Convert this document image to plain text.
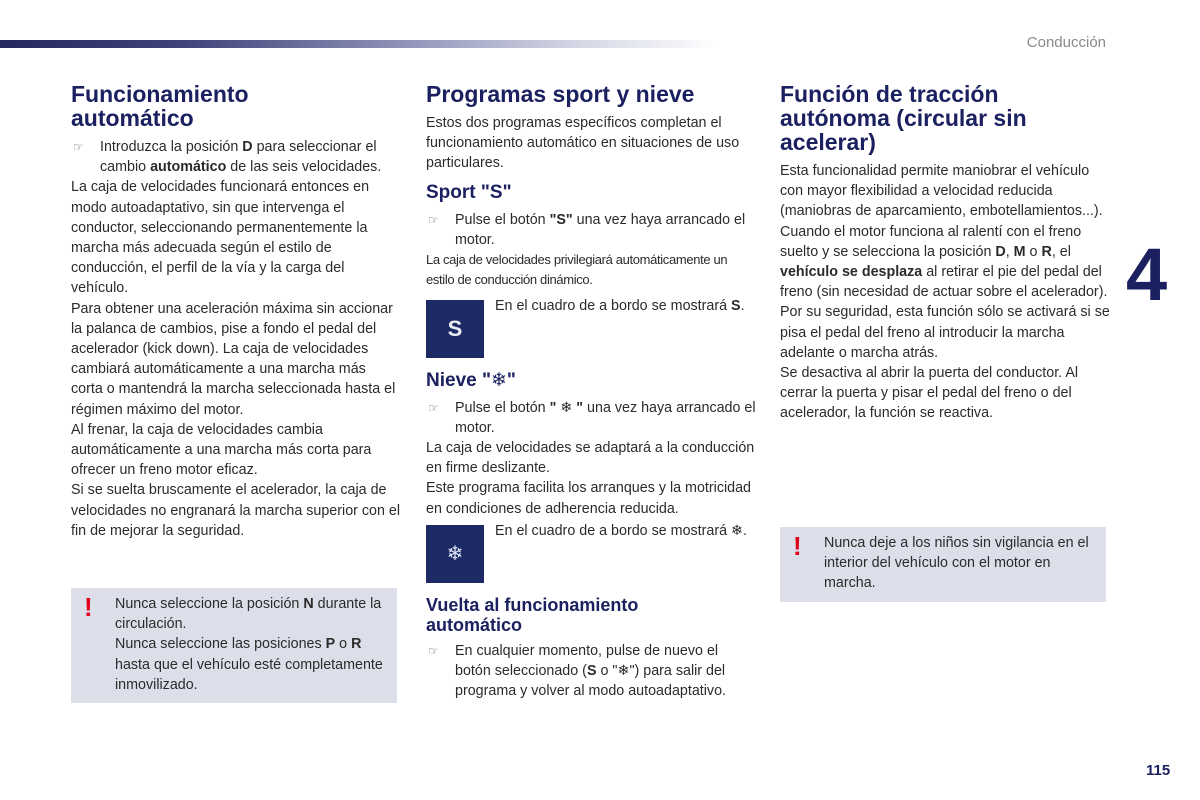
Conducción
4
115
Funcionamiento automático
☞ Introduzca la posición D para seleccionar el cambio automático de las seis velocidades.

La caja de velocidades funcionará entonces en modo autoadaptativo, sin que intervenga el conductor, seleccionando permanentemente la marcha más adecuada según el estilo de conducción, el perfil de la vía y la carga del vehículo.

Para obtener una aceleración máxima sin accionar la palanca de cambios, pise a fondo el pedal del acelerador (kick down). La caja de velocidades cambiará automáticamente a una marcha más corta o mantendrá la marcha seleccionada hasta el régimen máximo del motor.

Al frenar, la caja de velocidades cambia automáticamente a una marcha más corta para ofrecer un freno motor eficaz.

Si se suelta bruscamente el acelerador, la caja de velocidades no engranará la marcha superior con el fin de mejorar la seguridad.

! Nunca seleccione la posición N durante la circulación.

Nunca seleccione las posiciones P o R hasta que el vehículo esté completamente inmovilizado.

Programas sport y nieve

Estos dos programas específicos completan el funcionamiento automático en situaciones de uso particulares.

Sport "S"
☞ Pulse el botón "S" una vez haya arrancado el motor.

La caja de velocidades privilegiará automáticamente un estilo de conducción dinámico.

S

En el cuadro de a bordo se mostrará S.

Nieve "❄"
☞ Pulse el botón " ❄ " una vez haya arrancado el motor.

La caja de velocidades se adaptará a la conducción en firme deslizante.

Este programa facilita los arranques y la motricidad en condiciones de adherencia reducida.

❄

En el cuadro de a bordo se mostrará ❄.

Vuelta al funcionamiento automático
☞ En cualquier momento, pulse de nuevo el botón seleccionado (S o "❄") para salir del programa y volver al modo autoadaptativo.
Función de tracción autónoma (circular sin acelerar)

Esta funcionalidad permite maniobrar el vehículo con mayor flexibilidad a velocidad reducida (maniobras de aparcamiento, embotellamientos...).

Cuando el motor funciona al ralentí con el freno suelto y se selecciona la posición D, M o R, el vehículo se desplaza al retirar el pie del pedal del freno (sin necesidad de actuar sobre el acelerador).

Por su seguridad, esta función sólo se activará si se pisa el pedal del freno al introducir la marcha adelante o marcha atrás.

Se desactiva al abrir la puerta del conductor. Al cerrar la puerta y pisar el pedal del freno o del acelerador, la función se reactiva.

! Nunca deje a los niños sin vigilancia en el interior del vehículo con el motor en marcha.
